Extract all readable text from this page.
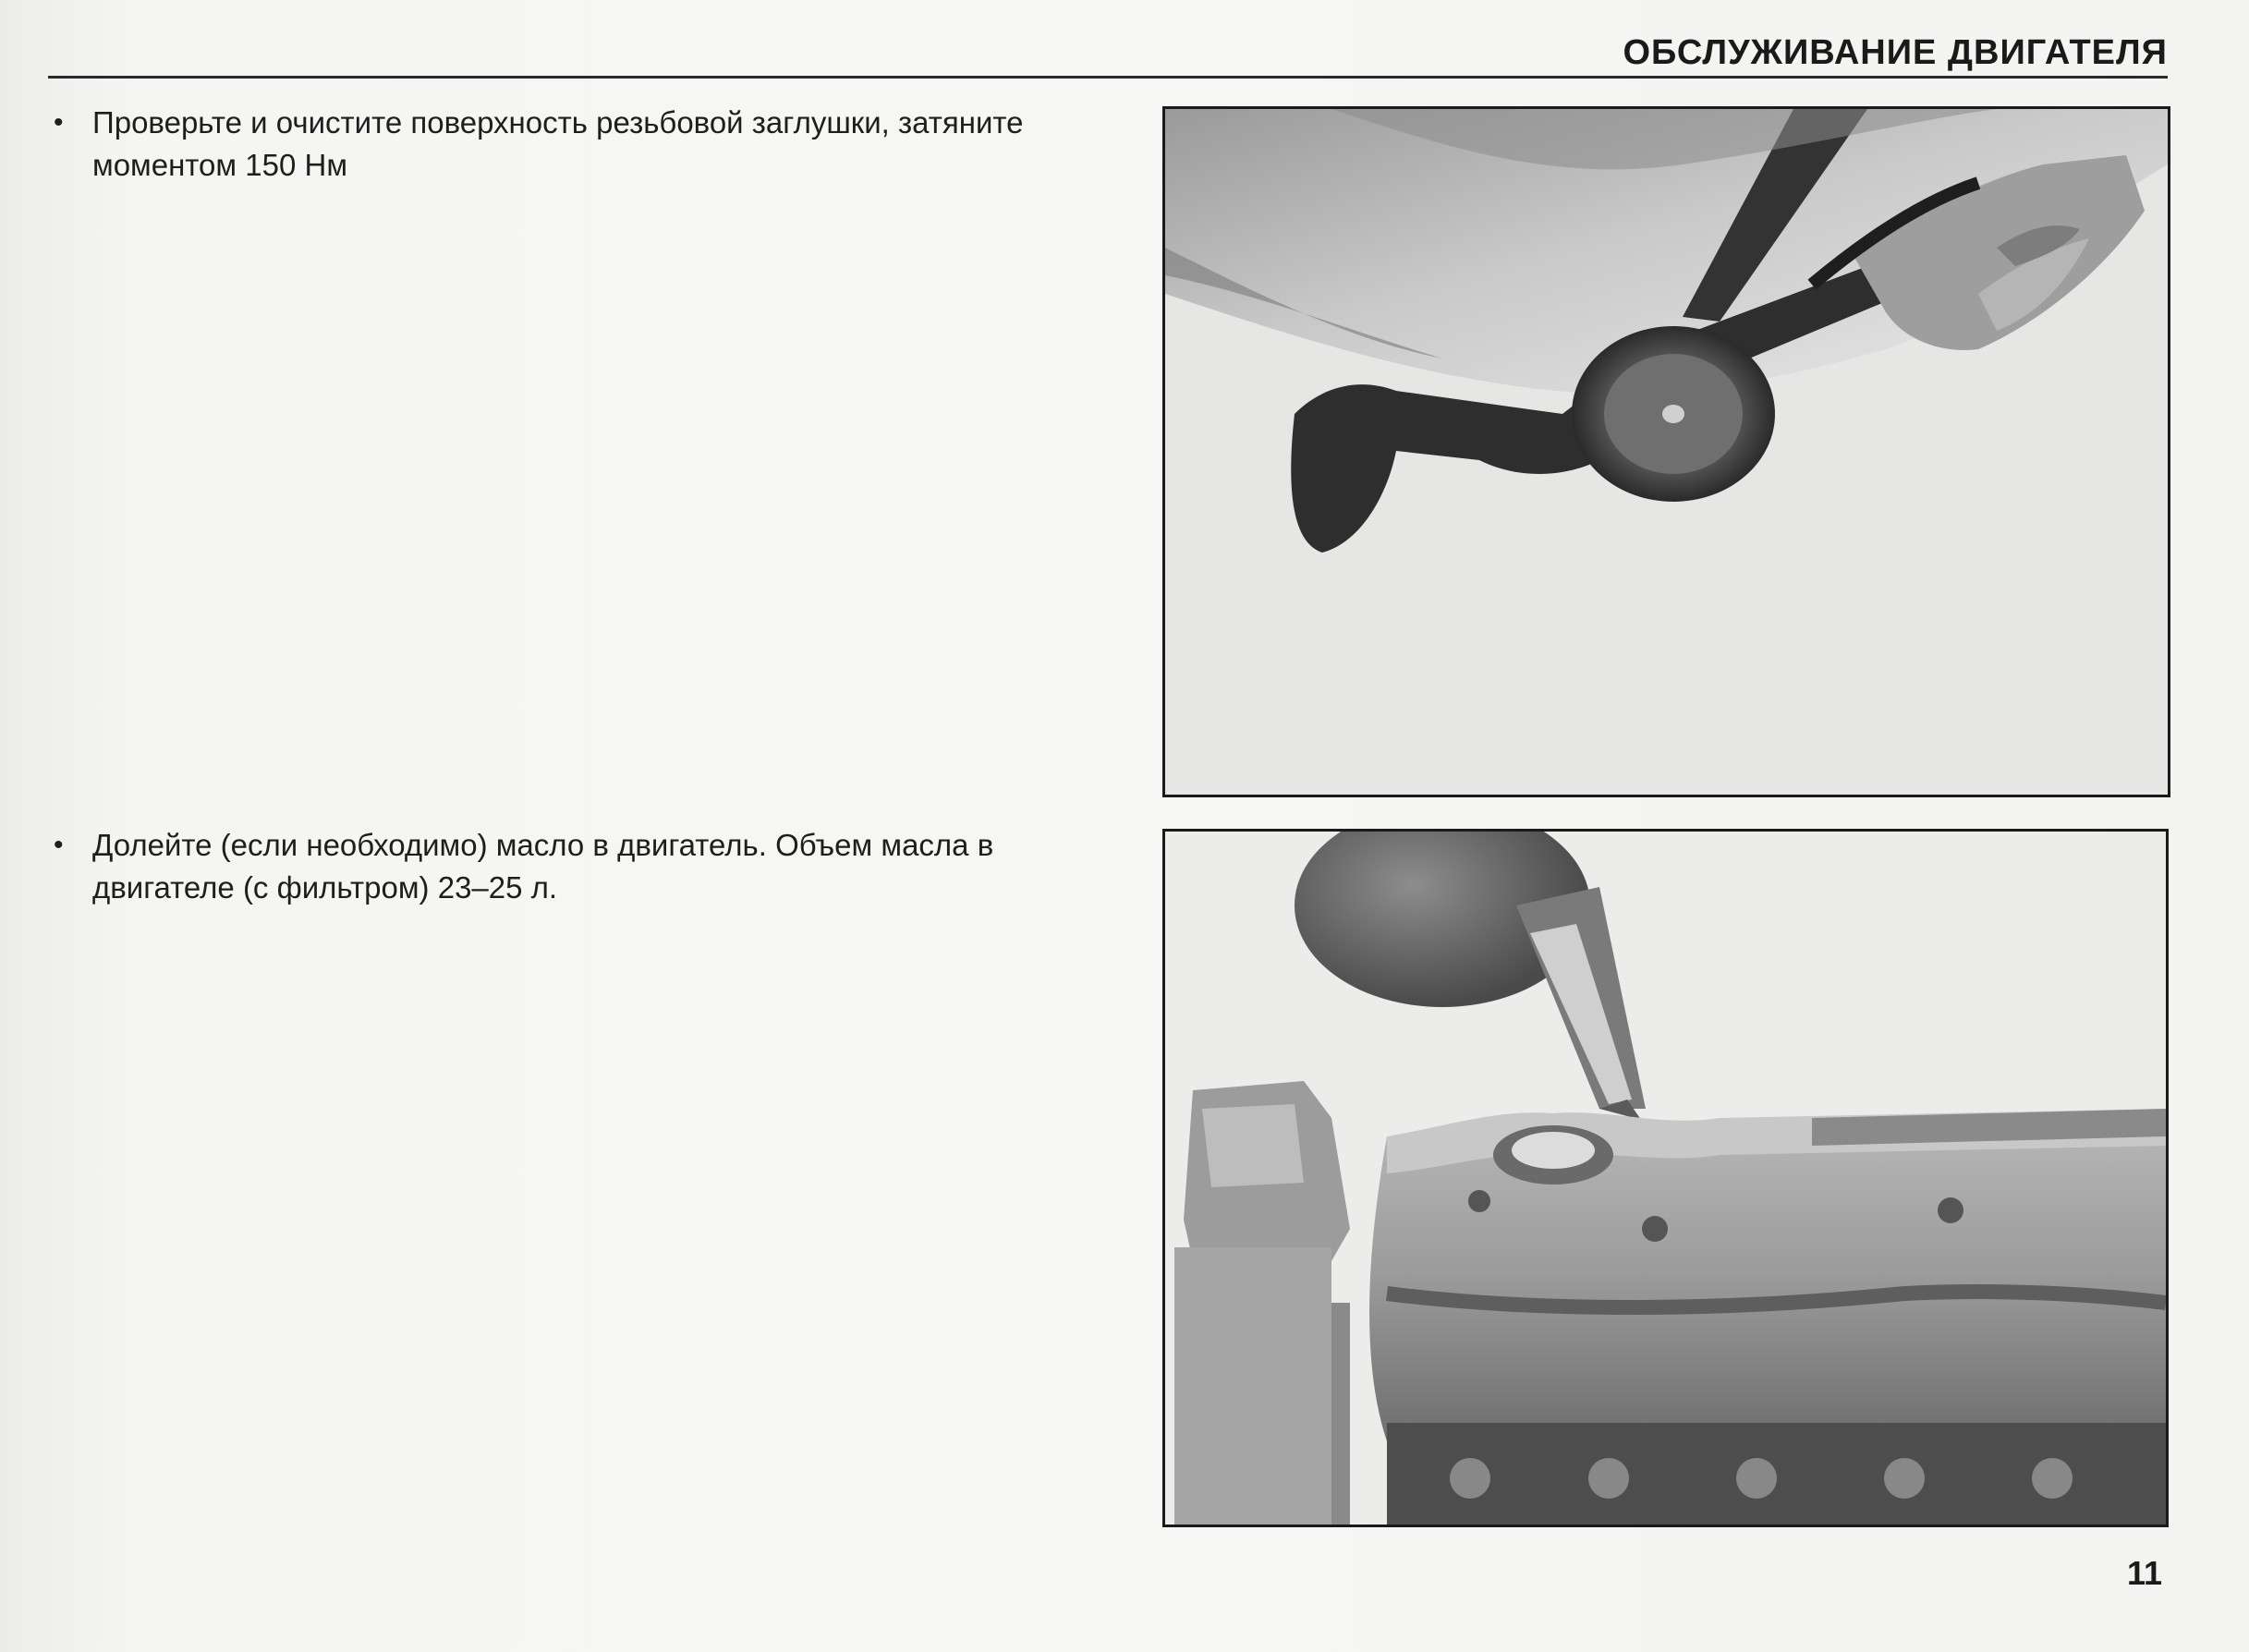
ОБСЛУЖИВАНИЕ ДВИГАТЕЛЯ
• Проверьте и очистите поверхность резьбовой заглушки, затяните моментом 150 Нм
• Долейте (если необходимо) масло в двигатель. Объем масла в двигателе (с фильтром) 23–25 л.
11
